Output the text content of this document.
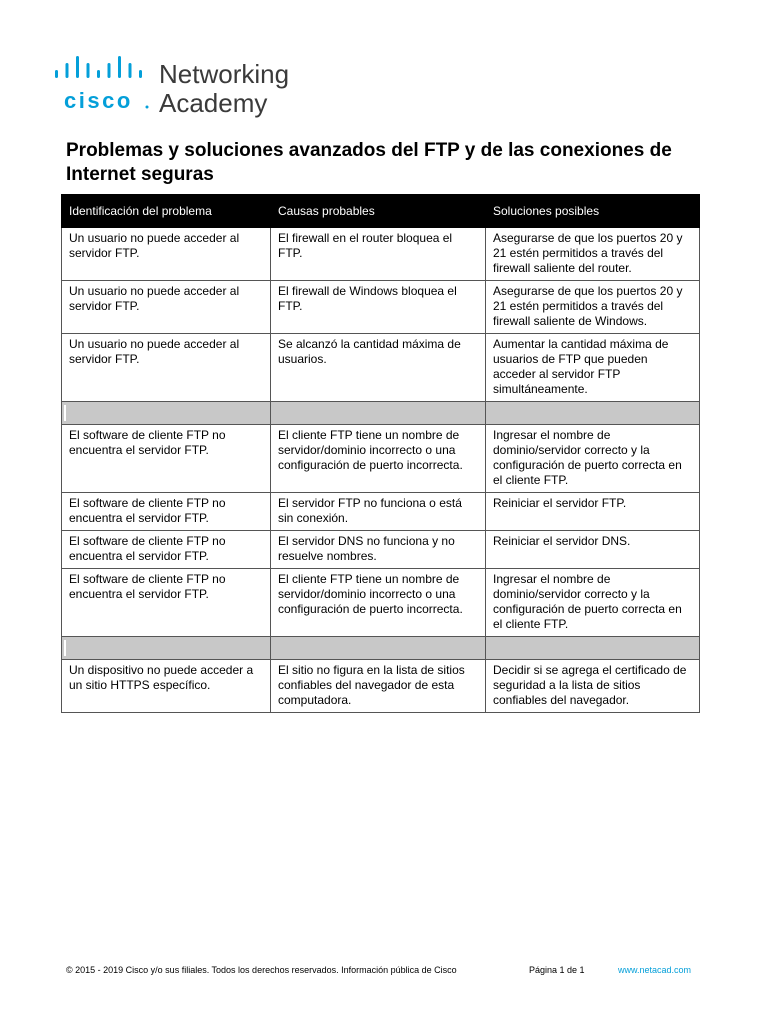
cisco
Networking
Academy
Problemas y soluciones avanzados del FTP y de las conexiones de Internet seguras
Identificación del problema	Causas probables	Soluciones posibles
Un usuario no puede acceder al servidor FTP.	El firewall en el router bloquea el FTP.	Asegurarse de que los puertos 20 y 21 estén permitidos a través del firewall saliente del router.
Un usuario no puede acceder al servidor FTP.	El firewall de Windows bloquea el FTP.	Asegurarse de que los puertos 20 y 21 estén permitidos a través del firewall saliente de Windows.
Un usuario no puede acceder al servidor FTP.	Se alcanzó la cantidad máxima de usuarios.	Aumentar la cantidad máxima de usuarios de FTP que pueden acceder al servidor FTP simultáneamente.

El software de cliente FTP no encuentra el servidor FTP.	El cliente FTP tiene un nombre de servidor/dominio incorrecto o una configuración de puerto incorrecta.	Ingresar el nombre de dominio/servidor correcto y la configuración de puerto correcta en el cliente FTP.
El software de cliente FTP no encuentra el servidor FTP.	El servidor FTP no funciona o está sin conexión.	Reiniciar el servidor FTP.
El software de cliente FTP no encuentra el servidor FTP.	El servidor DNS no funciona y no resuelve nombres.	Reiniciar el servidor DNS.
El software de cliente FTP no encuentra el servidor FTP.	El cliente FTP tiene un nombre de servidor/dominio incorrecto o una configuración de puerto incorrecta.	Ingresar el nombre de dominio/servidor correcto y la configuración de puerto correcta en el cliente FTP.

Un dispositivo no puede acceder a un sitio HTTPS específico.	El sitio no figura en la lista de sitios confiables del navegador de esta computadora.	Decidir si se agrega el certificado de seguridad a la lista de sitios confiables del navegador.
© 2015 - 2019 Cisco y/o sus filiales. Todos los derechos reservados. Información pública de Cisco	Página 1 de 1	www.netacad.com
